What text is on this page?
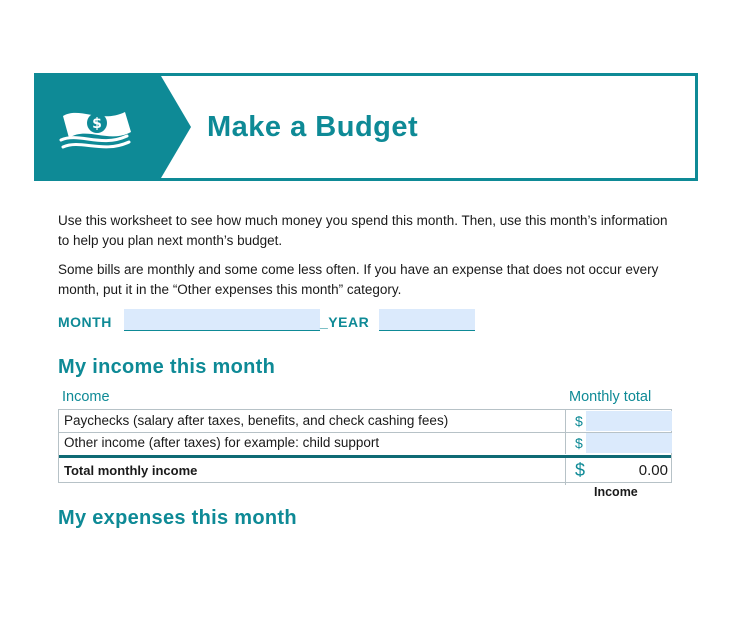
$	Make a Budget

Use this worksheet to see how much money you spend this month. Then, use this month’s information to help you plan next month’s budget.

Some bills are monthly and some come less often. If you have an expense that does not occur every month, put it in the “Other expenses this month” category.

MONTH	_YEAR
My income this month
Income	Monthly total
Paychecks (salary after taxes, benefits, and check cashing fees)	$
Other income (after taxes) for example: child support	$
Total monthly income	$	0.00
Income
My expenses this month
